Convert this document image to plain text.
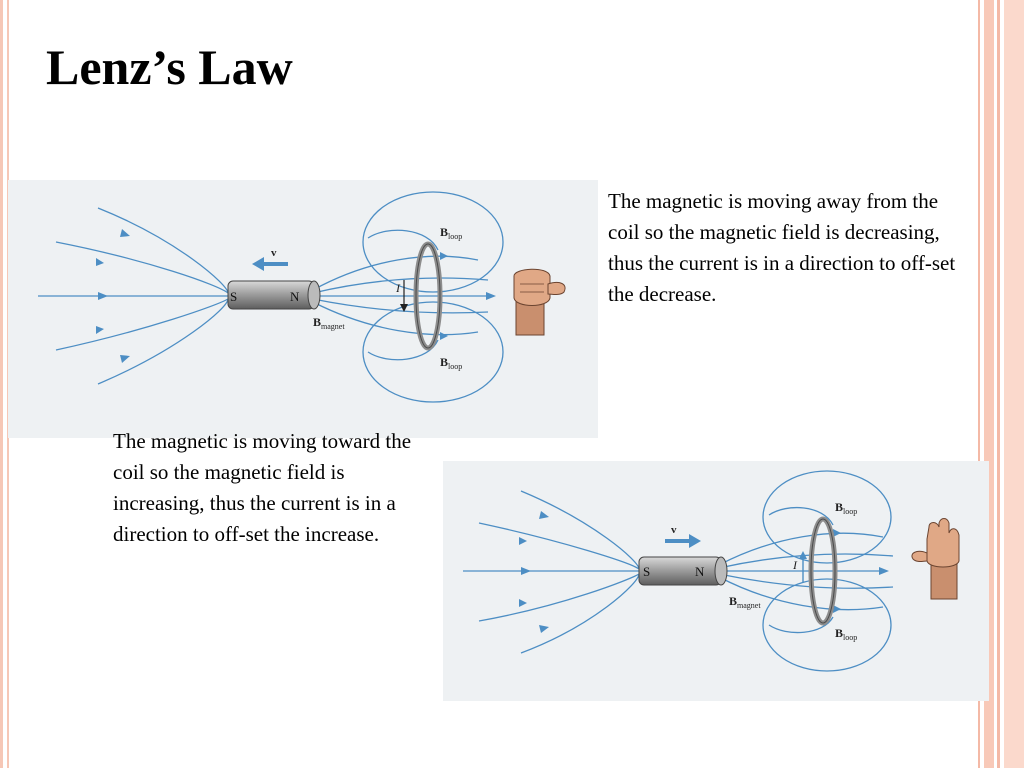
Lenz’s Law
v
S	N
I
$B_{loop}$
$B_{loop}$
$B_{magnet}$
The magnetic is moving away from the coil so the magnetic field is decreasing, thus the current is in a direction to off-set the decrease.
The magnetic is moving toward the coil so the magnetic field is increasing, thus the current is in a direction to off-set the increase.	v
S	N	I
$B_{loop}$
$B_{loop}$
$B_{magnet}$
